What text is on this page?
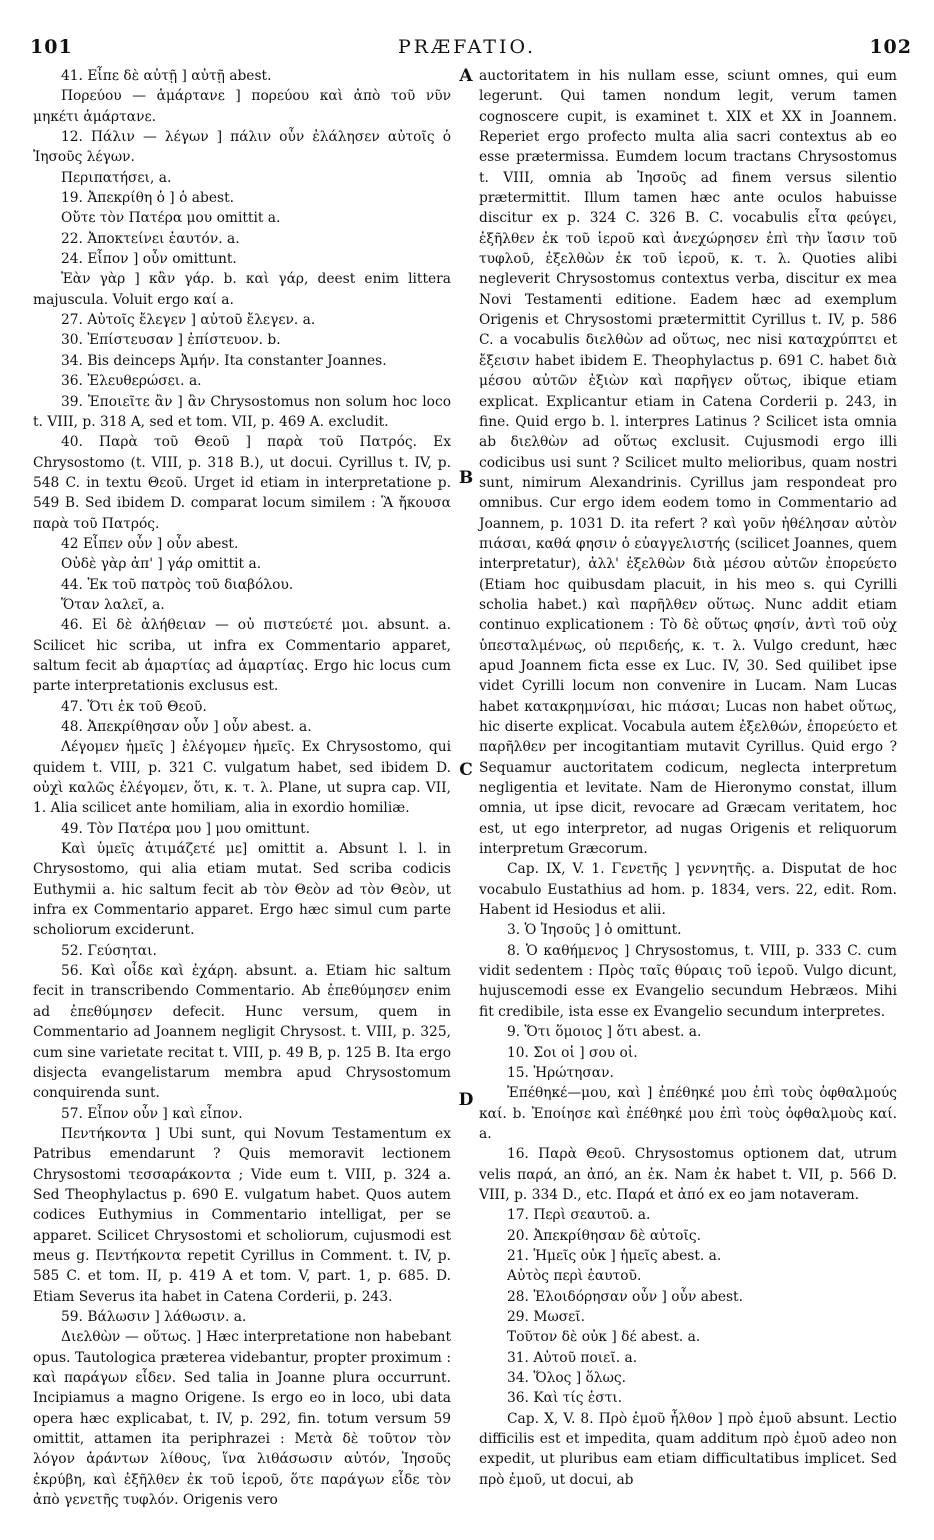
101	PRÆFATIO.	102

41. Εἶπε δὲ αὐτῇ ] αὐτῇ abest.

Πορεύου — ἁμάρτανε ] πορεύου καὶ ἀπὸ τοῦ νῦν μηκέτι ἁμάρτανε.

12. Πάλιν — λέγων ] πάλιν οὖν ἐλάλησεν αὐτοῖς ὁ Ἰησοῦς λέγων.

Περιπατήσει, a.

19. Ἀπεκρίθη ὁ ] ὁ abest.

Οὔτε τὸν Πατέρα μου omittit a.

22. Ἀποκτείνει ἑαυτόν. a.

24. Εἶπον ] οὖν omittunt.

Ἐὰν γὰρ ] κἂν γάρ. b. καὶ γάρ, deest enim littera majuscula. Voluit ergo καί a.

27. Αὐτοῖς ἔλεγεν ] αὐτοῦ ἔλεγεν. a.

30. Ἐπίστευσαν ] ἐπίστευον. b.

34. Bis deinceps Ἀμήν. Ita constanter Joannes.

36. Ἐλευθερώσει. a.

39. Ἐποιεῖτε ἂν ] ἂν Chrysostomus non solum hoc loco t. VIII, p. 318 A, sed et tom. VII, p. 469 A. excludit.

40. Παρὰ τοῦ Θεοῦ ] παρὰ τοῦ Πατρός. Ex Chrysostomo (t. VIII, p. 318 B.), ut docui. Cyrillus t. IV, p. 548 C. in textu Θεοῦ. Urget id etiam in interpretatione p. 549 B. Sed ibidem D. comparat locum similem : Ἃ ἤκουσα παρὰ τοῦ Πατρός.

42 Εἶπεν οὖν ] οὖν abest.

Οὐδὲ γὰρ ἀπ' ] γάρ omittit a.

44. Ἐκ τοῦ πατρὸς τοῦ διαβόλου.

Ὅταν λαλεῖ, a.

46. Εἰ δὲ ἀλήθειαν — οὐ πιστεύετέ μοι. absunt. a. Scilicet hic scriba, ut infra ex Commentario apparet, saltum fecit ab ἁμαρτίας ad ἁμαρτίας. Ergo hic locus cum parte interpretationis exclusus est.

47. Ὅτι ἐκ τοῦ Θεοῦ.

48. Ἀπεκρίθησαν οὖν ] οὖν abest. a.

Λέγομεν ἡμεῖς ] ἐλέγομεν ἡμεῖς. Ex Chrysostomo, qui quidem t. VIII, p. 321 C. vulgatum habet, sed ibidem D. οὐχὶ καλῶς ἐλέγομεν, ὅτι, κ. τ. λ. Plane, ut supra cap. VII, 1. Alia scilicet ante homiliam, alia in exordio homiliæ.

49. Τὸν Πατέρα μου ] μου omittunt.

Καὶ ὑμεῖς ἀτιμάζετέ με] omittit a. Absunt l. l. in Chrysostomo, qui alia etiam mutat. Sed scriba codicis Euthymii a. hic saltum fecit ab τὸν Θεὸν ad τὸν Θεὸν, ut infra ex Commentario apparet. Ergo hæc simul cum parte scholiorum exciderunt.

52. Γεύσηται.

56. Καὶ οἶδε καὶ ἐχάρη. absunt. a. Etiam hic saltum fecit in transcribendo Commentario. Ab ἐπεθύμησεν enim ad ἐπεθύμησεν defecit. Hunc versum, quem in Commentario ad Joannem negligit Chrysost. t. VIII, p. 325, cum sine varietate recitat t. VIII, p. 49 B, p. 125 B. Ita ergo disjecta evangelistarum membra apud Chrysostomum conquirenda sunt.

57. Εἶπον οὖν ] καὶ εἶπον.

Πεντήκοντα ] Ubi sunt, qui Novum Testamentum ex Patribus emendarunt ? Quis memoravit lectionem Chrysostomi τεσσαράκοντα ; Vide eum t. VIII, p. 324 a. Sed Theophylactus p. 690 E. vulgatum habet. Quos autem codices Euthymius in Commentario intelligat, per se apparet. Scilicet Chrysostomi et scholiorum, cujusmodi est meus g. Πεντήκοντα repetit Cyrillus in Comment. t. IV, p. 585 C. et tom. II, p. 419 A et tom. V, part. 1, p. 685. D. Etiam Severus ita habet in Catena Corderii, p. 243.

59. Βάλωσιν ] λάθωσιν. a.

Διελθὼν — οὕτως. ] Hæc interpretatione non habebant opus. Tautologica præterea videbantur, propter proximum : καὶ παράγων εἶδεν. Sed talia in Joanne plura occurrunt. Incipiamus a magno Origene. Is ergo eo in loco, ubi data opera hæc explicabat, t. IV, p. 292, fin. totum versum 59 omittit, attamen ita periphrazei : Μετὰ δὲ τοῦτον τὸν λόγον ἀράντων λίθους, ἵνα λιθάσωσιν αὐτόν, Ἰησοῦς ἐκρύβη, καὶ ἐξῆλθεν ἐκ τοῦ ἱεροῦ, ὅτε παράγων εἶδε τὸν ἀπὸ γενετῆς τυφλόν. Origenis vero

auctoritatem in his nullam esse, sciunt omnes, qui eum legerunt. Qui tamen nondum legit, verum tamen cognoscere cupit, is examinet t. XIX et XX in Joannem. Reperiet ergo profecto multa alia sacri contextus ab eo esse prætermissa. Eumdem locum tractans Chrysostomus t. VIII, omnia ab Ἰησοῦς ad finem versus silentio prætermittit. Illum tamen hæc ante oculos habuisse discitur ex p. 324 C. 326 B. C. vocabulis εἶτα φεύγει, ἐξῆλθεν ἐκ τοῦ ἱεροῦ καὶ ἀνεχώρησεν ἐπὶ τὴν ἴασιν τοῦ τυφλοῦ, ἐξελθὼν ἐκ τοῦ ἱεροῦ, κ. τ. λ. Quoties alibi negleverit Chrysostomus contextus verba, discitur ex mea Novi Testamenti editione. Eadem hæc ad exemplum Origenis et Chrysostomi prætermittit Cyrillus t. IV, p. 586 C. a vocabulis διελθὼν ad οὕτως, nec nisi καταχρύπτει et ἔξεισιν habet ibidem E. Theophylactus p. 691 C. habet διὰ μέσου αὐτῶν ἐξιὼν καὶ παρῆγεν οὕτως, ibique etiam explicat. Explicantur etiam in Catena Corderii p. 243, in fine. Quid ergo b. l. interpres Latinus ? Scilicet ista omnia ab διελθὼν ad οὕτως exclusit. Cujusmodi ergo illi codicibus usi sunt ? Scilicet multo melioribus, quam nostri sunt, nimirum Alexandrinis. Cyrillus jam respondeat pro omnibus. Cur ergo idem eodem tomo in Commentario ad Joannem, p. 1031 D. ita refert ? καὶ γοῦν ἠθέλησαν αὐτὸν πιάσαι, καθά φησιν ὁ εὐαγγελιστής (scilicet Joannes, quem interpretatur), ἀλλ' ἐξελθὼν διὰ μέσου αὐτῶν ἐπορεύετο (Etiam hoc quibusdam placuit, in his meo s. qui Cyrilli scholia habet.) καὶ παρῆλθεν οὕτως. Nunc addit etiam continuo explicationem : Τὸ δὲ οὕτως φησίν, ἀντὶ τοῦ οὐχ ὑπεσταλμένως, οὐ περιδεής, κ. τ. λ. Vulgo credunt, hæc apud Joannem ficta esse ex Luc. IV, 30. Sed quilibet ipse videt Cyrilli locum non convenire in Lucam. Nam Lucas habet κατακρημνίσαι, hic πιάσαι; Lucas non habet οὕτως, hic diserte explicat. Vocabula autem ἐξελθών, ἐπορεύετο et παρῆλθεν per incogitantiam mutavit Cyrillus. Quid ergo ? Sequamur auctoritatem codicum, neglecta interpretum negligentia et levitate. Nam de Hieronymo constat, illum omnia, ut ipse dicit, revocare ad Græcam veritatem, hoc est, ut ego interpretor, ad nugas Origenis et reliquorum interpretum Græcorum.

Cap. IX, V. 1. Γενετῆς ] γεννητῆς. a. Disputat de hoc vocabulo Eustathius ad hom. p. 1834, vers. 22, edit. Rom. Habent id Hesiodus et alii.

3. Ὁ Ἰησοῦς ] ὁ omittunt.

8. Ὁ καθήμενος ] Chrysostomus, t. VIII, p. 333 C. cum vidit sedentem : Πρὸς ταῖς θύραις τοῦ ἱεροῦ. Vulgo dicunt, hujuscemodi esse ex Evangelio secundum Hebræos. Mihi fit credibile, ista esse ex Evangelio secundum interpretes.

9. Ὅτι ὅμοιος ] ὅτι abest. a.

10. Σοι οἱ ] σου οἱ.

15. Ἠρώτησαν.

Ἐπέθηκέ—μου, καὶ ] ἐπέθηκέ μου ἐπὶ τοὺς ὀφθαλμούς καί. b. Ἐποίησε καὶ ἐπέθηκέ μου ἐπὶ τοὺς ὀφθαλμοὺς καί. a.

16. Παρὰ Θεοῦ. Chrysostomus optionem dat, utrum velis παρά, an ἀπό, an ἐκ. Nam ἐκ habet t. VII, p. 566 D. VIII, p. 334 D., etc. Παρά et ἀπό ex eo jam notaveram.

17. Περὶ σεαυτοῦ. a.

20. Ἀπεκρίθησαν δὲ αὐτοῖς.

21. Ἡμεῖς οὐκ ] ἡμεῖς abest. a.

Αὐτὸς περὶ ἑαυτοῦ.

28. Ἐλοιδόρησαν οὖν ] οὖν abest.

29. Μωσεῖ.

Τοῦτον δὲ οὐκ ] δέ abest. a.

31. Αὐτοῦ ποιεῖ. a.

34. Ὅλος ] ὅλως.

36. Καὶ τίς ἐστι.

Cap. X, V. 8. Πρὸ ἐμοῦ ἦλθον ] πρὸ ἐμοῦ absunt. Lectio difficilis est et impedita, quam additum πρὸ ἐμοῦ adeo non expedit, ut pluribus eam etiam difficultatibus implicet. Sed πρὸ ἐμοῦ, ut docui, ab

A
B
C
D
